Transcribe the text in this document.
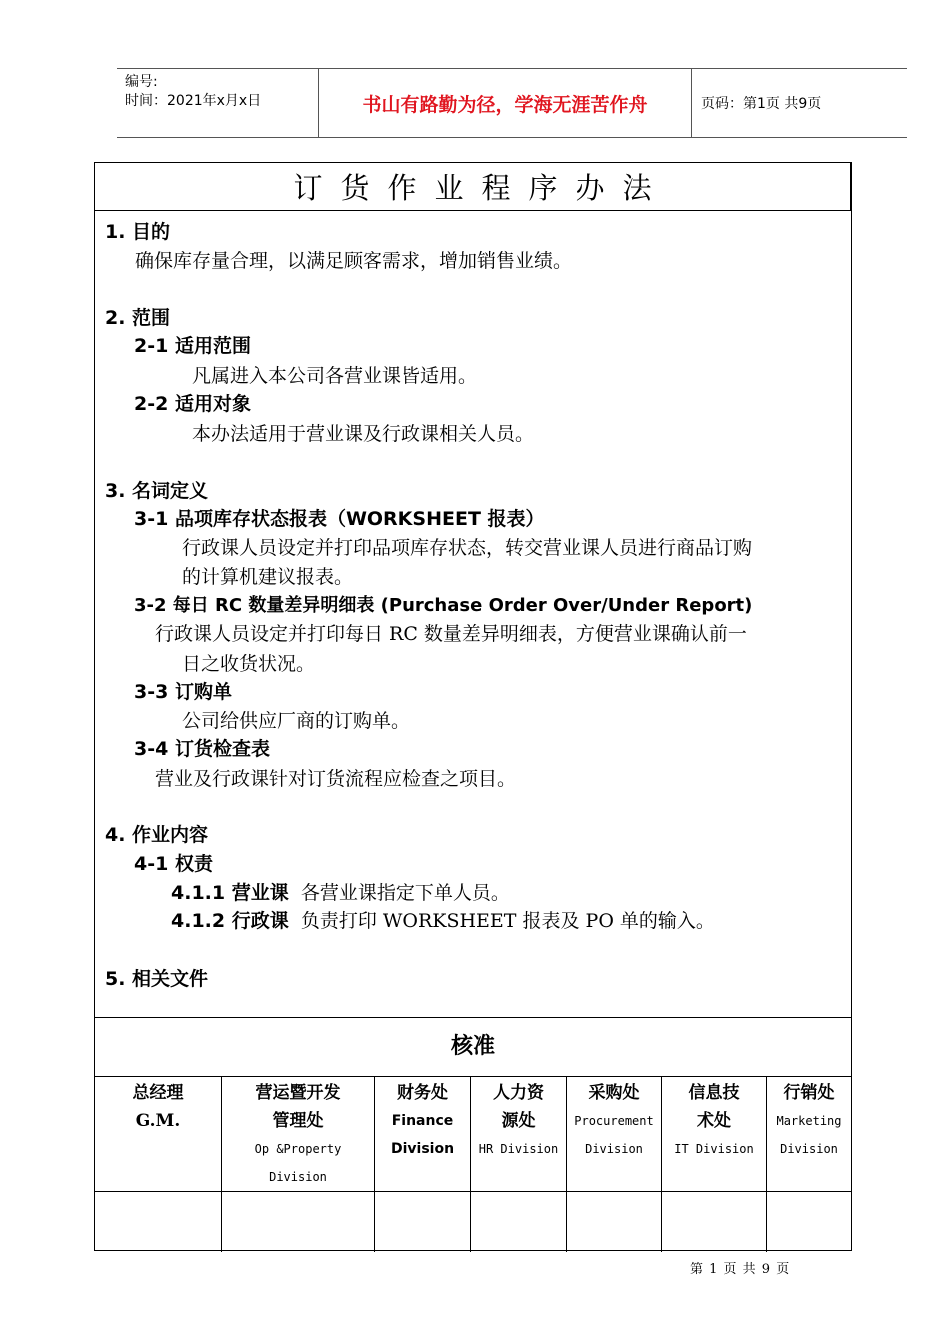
编号:
时间：2021年x月x日	书山有路勤为径，学海无涯苦作舟	页码：第1页 共9页
订货作业程序办法
1. 目的
确保库存量合理，以满足顾客需求，增加销售业绩。
2. 范围
2-1 适用范围
凡属进入本公司各营业课皆适用。
2-2 适用对象
本办法适用于营业课及行政课相关人员。
3. 名词定义
3-1 品项库存状态报表（WORKSHEET 报表）
行政课人员设定并打印品项库存状态，转交营业课人员进行商品订购
的计算机建议报表。
3-2 每日 RC 数量差异明细表 (Purchase Order Over/Under Report)
行政课人员设定并打印每日 RC 数量差异明细表，方便营业课确认前一
日之收货状况。
3-3 订购单
公司给供应厂商的订购单。
3-4 订货检查表
营业及行政课针对订货流程应检查之项目。
4. 作业内容
4-1 权责
4.1.1 营业课 各营业课指定下单人员。
4.1.2 行政课 负责打印 WORKSHEET 报表及 PO 单的输入。
5. 相关文件
核准
总经理
G.M.
营运暨开发
管理处
Op &Property
Division
财务处
Finance
Division
人力资
源处
HR Division
采购处
Procurement
Division
信息技
术处
IT Division
行销处
Marketing
Division
第 1 页 共 9 页
